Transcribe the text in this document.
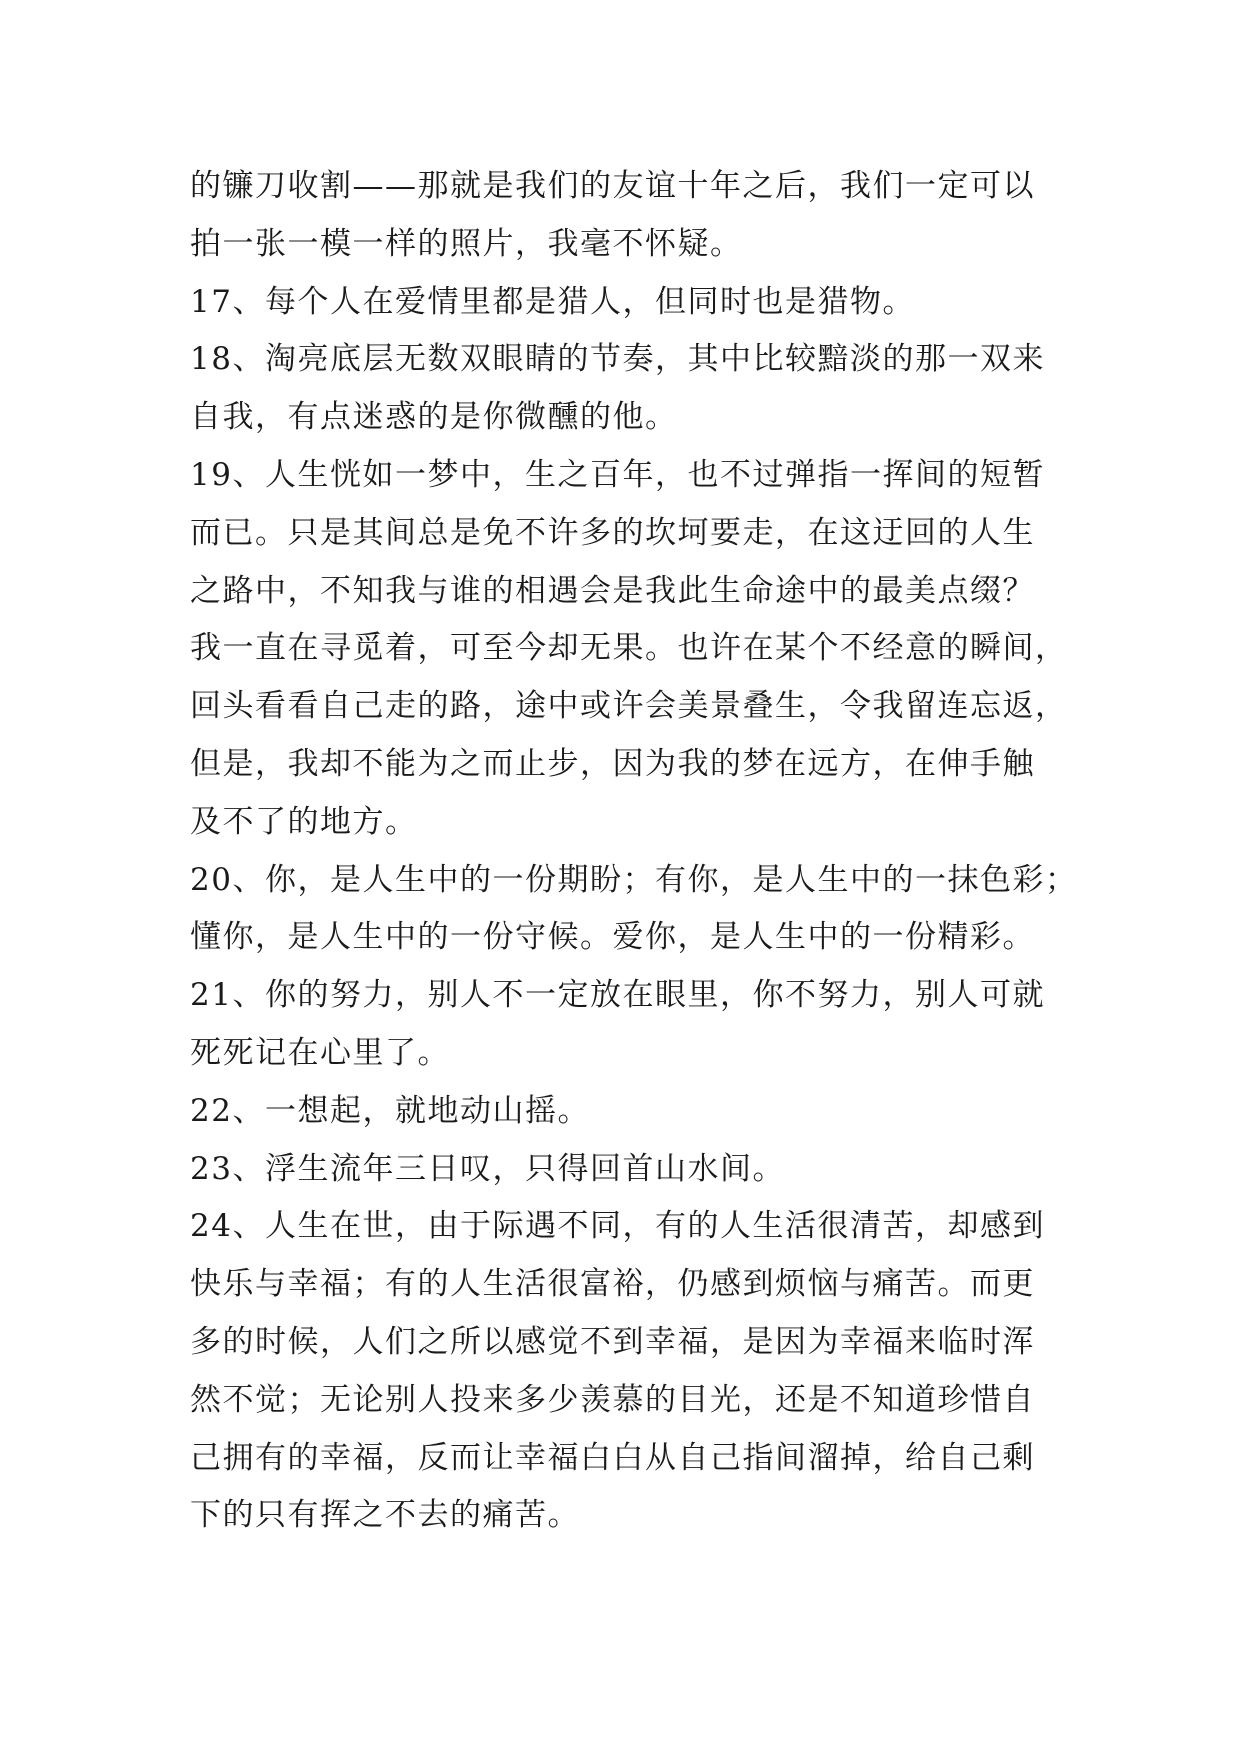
的镰刀收割——那就是我们的友谊十年之后，我们一定可以
拍一张一模一样的照片，我毫不怀疑。
17、每个人在爱情里都是猎人，但同时也是猎物。
18、淘亮底层无数双眼睛的节奏，其中比较黯淡的那一双来
自我，有点迷惑的是你微醺的他。
19、人生恍如一梦中，生之百年，也不过弹指一挥间的短暂
而已。只是其间总是免不许多的坎坷要走，在这迂回的人生
之路中，不知我与谁的相遇会是我此生命途中的最美点缀？
我一直在寻觅着，可至今却无果。也许在某个不经意的瞬间，
回头看看自己走的路，途中或许会美景叠生，令我留连忘返，
但是，我却不能为之而止步，因为我的梦在远方，在伸手触
及不了的地方。
20、你，是人生中的一份期盼；有你，是人生中的一抹色彩；
懂你，是人生中的一份守候。爱你，是人生中的一份精彩。
21、你的努力，别人不一定放在眼里，你不努力，别人可就
死死记在心里了。
22、一想起，就地动山摇。
23、浮生流年三日叹，只得回首山水间。
24、人生在世，由于际遇不同，有的人生活很清苦，却感到
快乐与幸福；有的人生活很富裕，仍感到烦恼与痛苦。而更
多的时候，人们之所以感觉不到幸福，是因为幸福来临时浑
然不觉；无论别人投来多少羡慕的目光，还是不知道珍惜自
己拥有的幸福，反而让幸福白白从自己指间溜掉，给自己剩
下的只有挥之不去的痛苦。
